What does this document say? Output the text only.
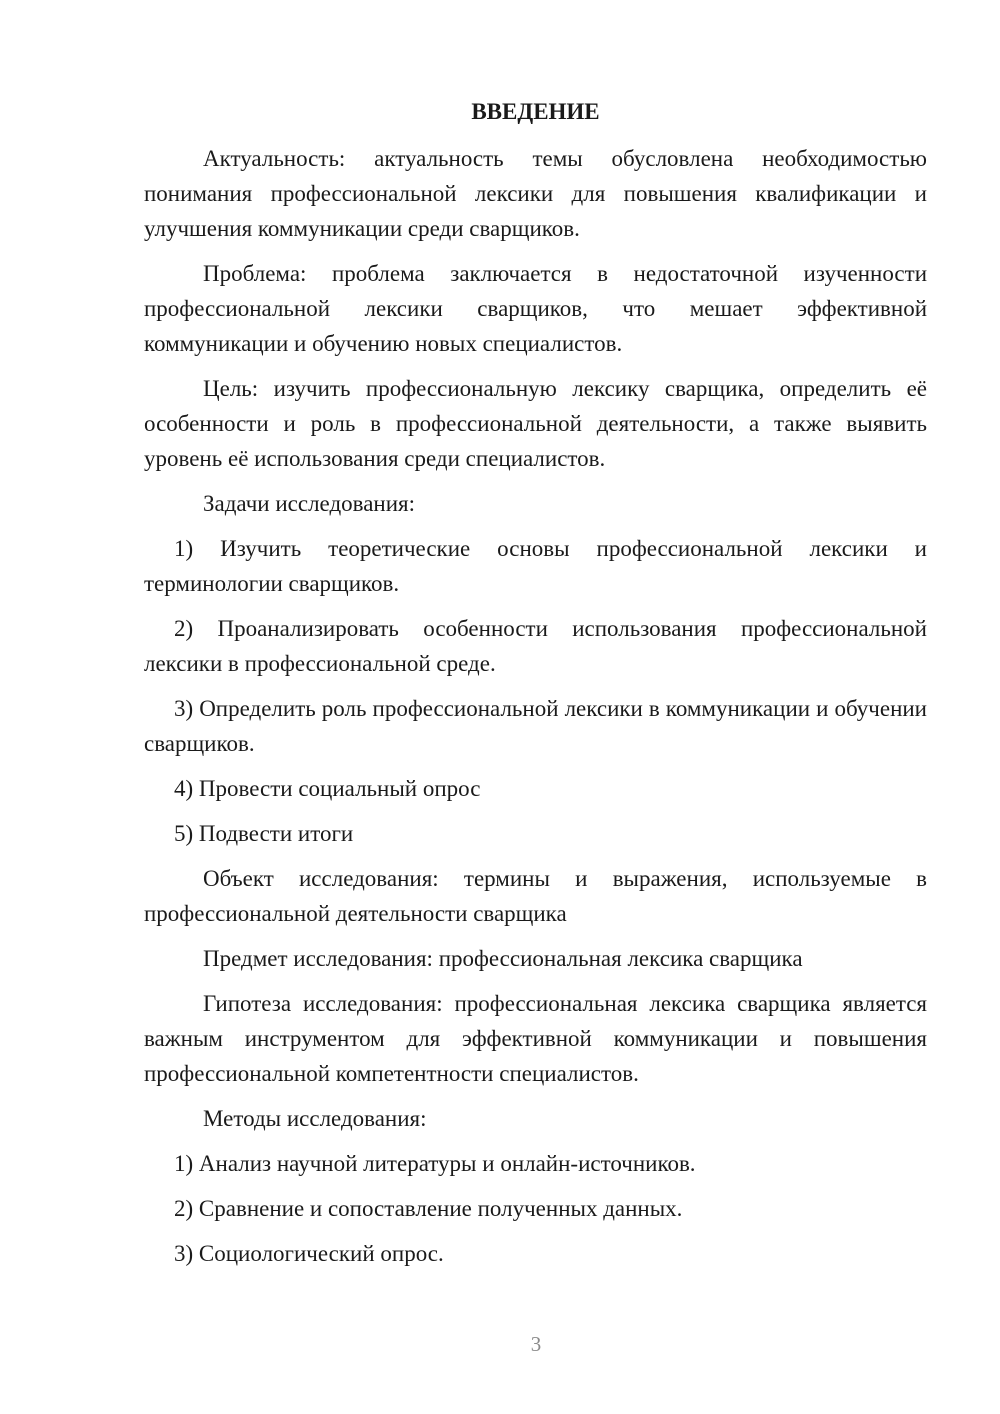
ВВЕДЕНИЕ

Актуальность: актуальность темы обусловлена необходимостью понимания профессиональной лексики для повышения квалификации и улучшения коммуникации среди сварщиков.

Проблема: проблема заключается в недостаточной изученности профессиональной лексики сварщиков, что мешает эффективной коммуникации и обучению новых специалистов.

Цель: изучить профессиональную лексику сварщика, определить её особенности и роль в профессиональной деятельности, а также выявить уровень её использования среди специалистов.

Задачи исследования:

1) Изучить теоретические основы профессиональной лексики и терминологии сварщиков.

2) Проанализировать особенности использования профессиональной лексики в профессиональной среде.

3) Определить роль профессиональной лексики в коммуникации и обучении сварщиков.

4) Провести социальный опрос

5) Подвести итоги

Объект исследования: термины и выражения, используемые в профессиональной деятельности сварщика

Предмет исследования: профессиональная лексика сварщика

Гипотеза исследования: профессиональная лексика сварщика является важным инструментом для эффективной коммуникации и повышения профессиональной компетентности специалистов.

Методы исследования:

1) Анализ научной литературы и онлайн-источников.

2) Сравнение и сопоставление полученных данных.

3) Социологический опрос.

3
